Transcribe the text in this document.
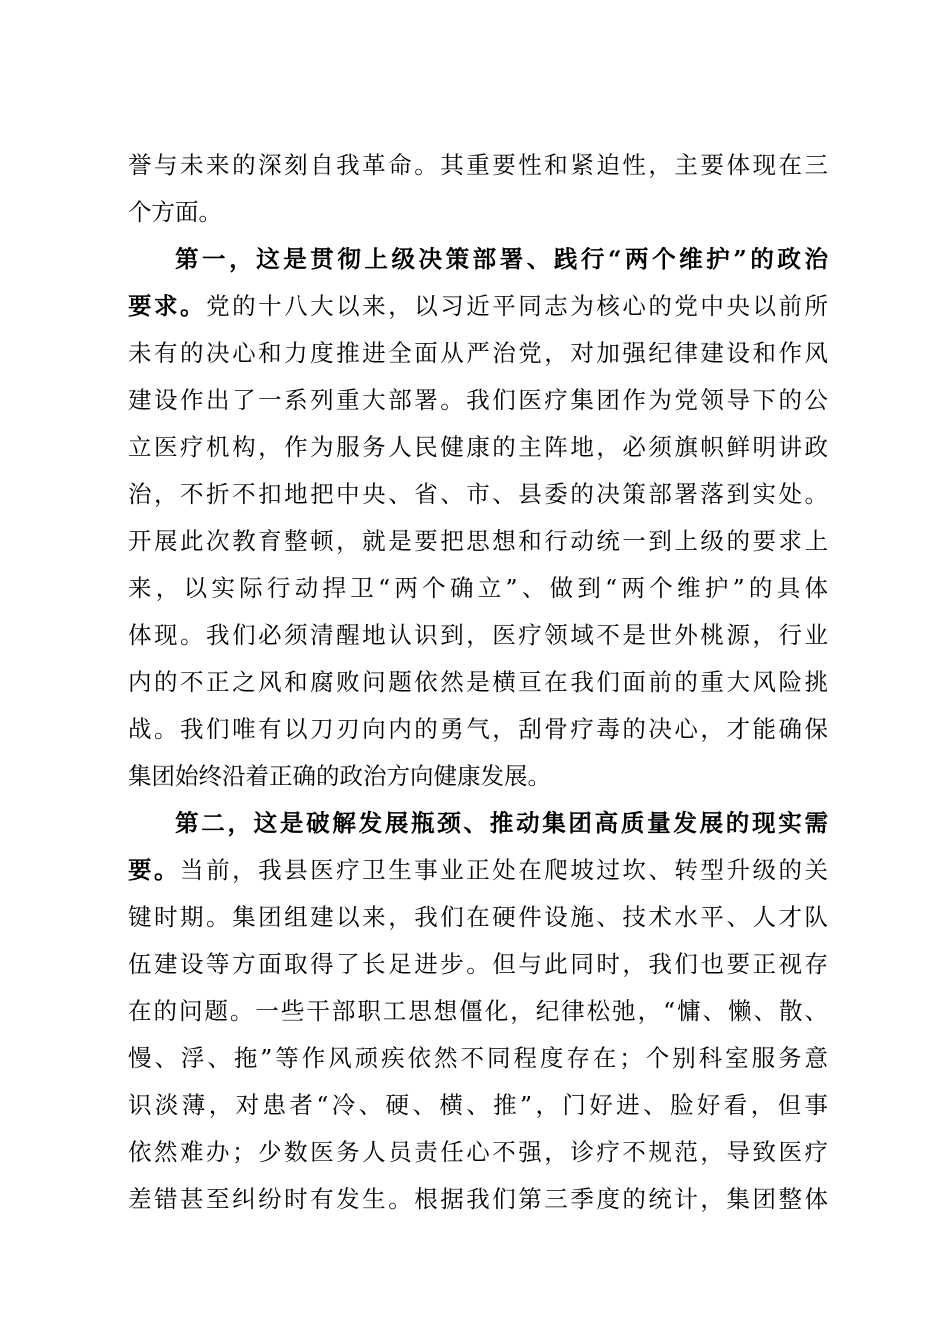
誉与未来的深刻自我革命。其重要性和紧迫性，主要体现在三
个方面。
第一，这是贯彻上级决策部署、践行“两个维护”的政治
要求。党的十八大以来，以习近平同志为核心的党中央以前所
未有的决心和力度推进全面从严治党，对加强纪律建设和作风
建设作出了一系列重大部署。我们医疗集团作为党领导下的公
立医疗机构，作为服务人民健康的主阵地，必须旗帜鲜明讲政
治，不折不扣地把中央、省、市、县委的决策部署落到实处。
开展此次教育整顿，就是要把思想和行动统一到上级的要求上
来，以实际行动捍卫“两个确立”、做到“两个维护”的具体
体现。我们必须清醒地认识到，医疗领域不是世外桃源，行业
内的不正之风和腐败问题依然是横亘在我们面前的重大风险挑
战。我们唯有以刀刃向内的勇气，刮骨疗毒的决心，才能确保
集团始终沿着正确的政治方向健康发展。
第二，这是破解发展瓶颈、推动集团高质量发展的现实需
要。当前，我县医疗卫生事业正处在爬坡过坎、转型升级的关
键时期。集团组建以来，我们在硬件设施、技术水平、人才队
伍建设等方面取得了长足进步。但与此同时，我们也要正视存
在的问题。一些干部职工思想僵化，纪律松弛，“慵、懒、散、
慢、浮、拖”等作风顽疾依然不同程度存在；个别科室服务意
识淡薄，对患者“冷、硬、横、推”，门好进、脸好看，但事
依然难办；少数医务人员责任心不强，诊疗不规范，导致医疗
差错甚至纠纷时有发生。根据我们第三季度的统计，集团整体
